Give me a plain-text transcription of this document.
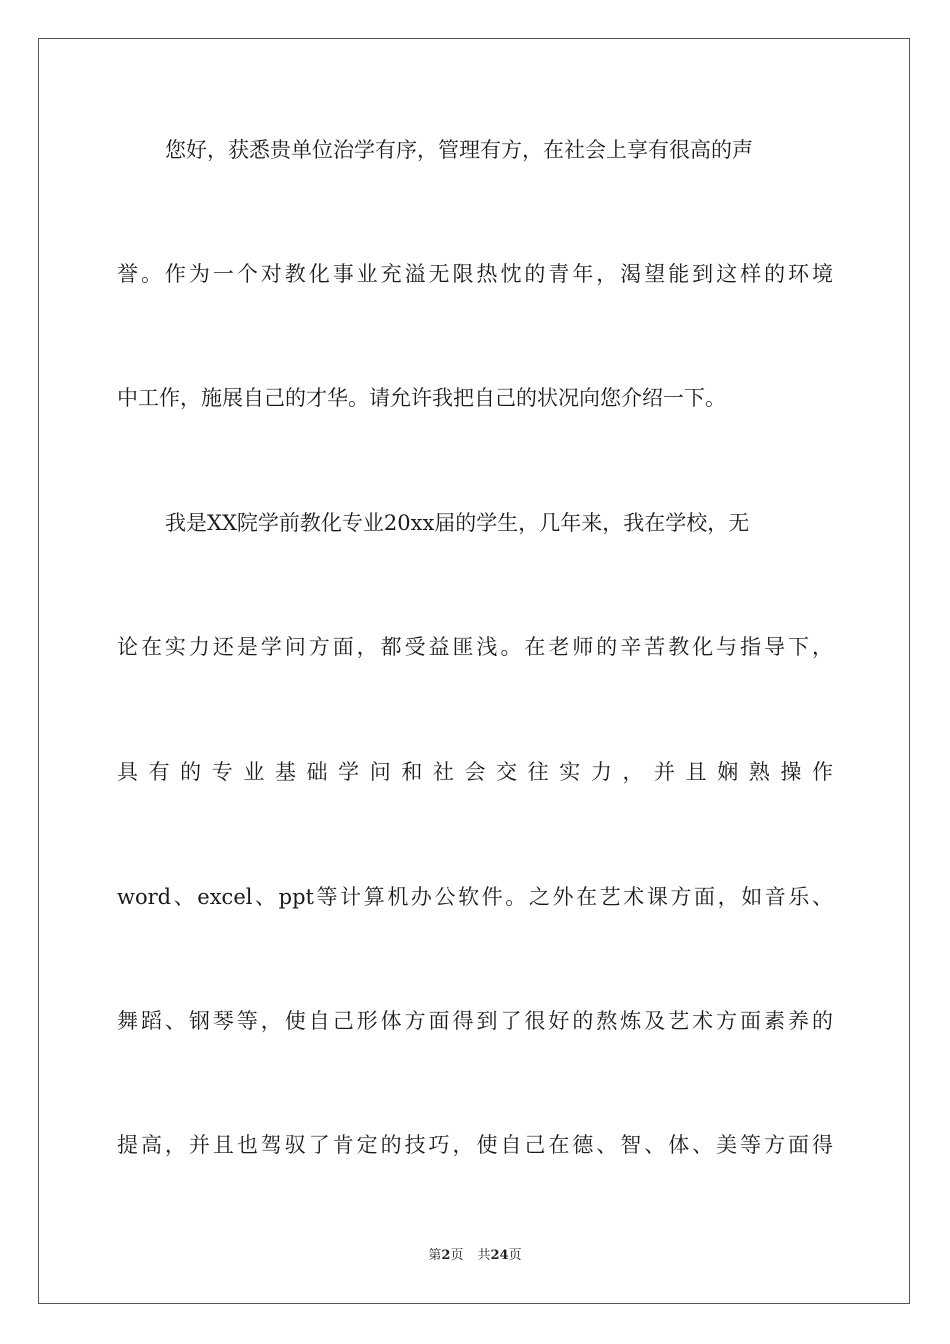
您好，获悉贵单位治学有序，管理有方，在社会上享有很高的声
誉。作为一个对教化事业充溢无限热忱的青年，渴望能到这样的环境
中工作，施展自己的才华。请允许我把自己的状况向您介绍一下。
我是XX院学前教化专业20xx届的学生，几年来，我在学校，无
论在实力还是学问方面，都受益匪浅。在老师的辛苦教化与指导下，
具有的专业基础学问和社会交往实力，并且娴熟操作
word、excel、ppt等计算机办公软件。之外在艺术课方面，如音乐、
舞蹈、钢琴等，使自己形体方面得到了很好的熬炼及艺术方面素养的
提高，并且也驾驭了肯定的技巧，使自己在德、智、体、美等方面得
第2页 共24页
